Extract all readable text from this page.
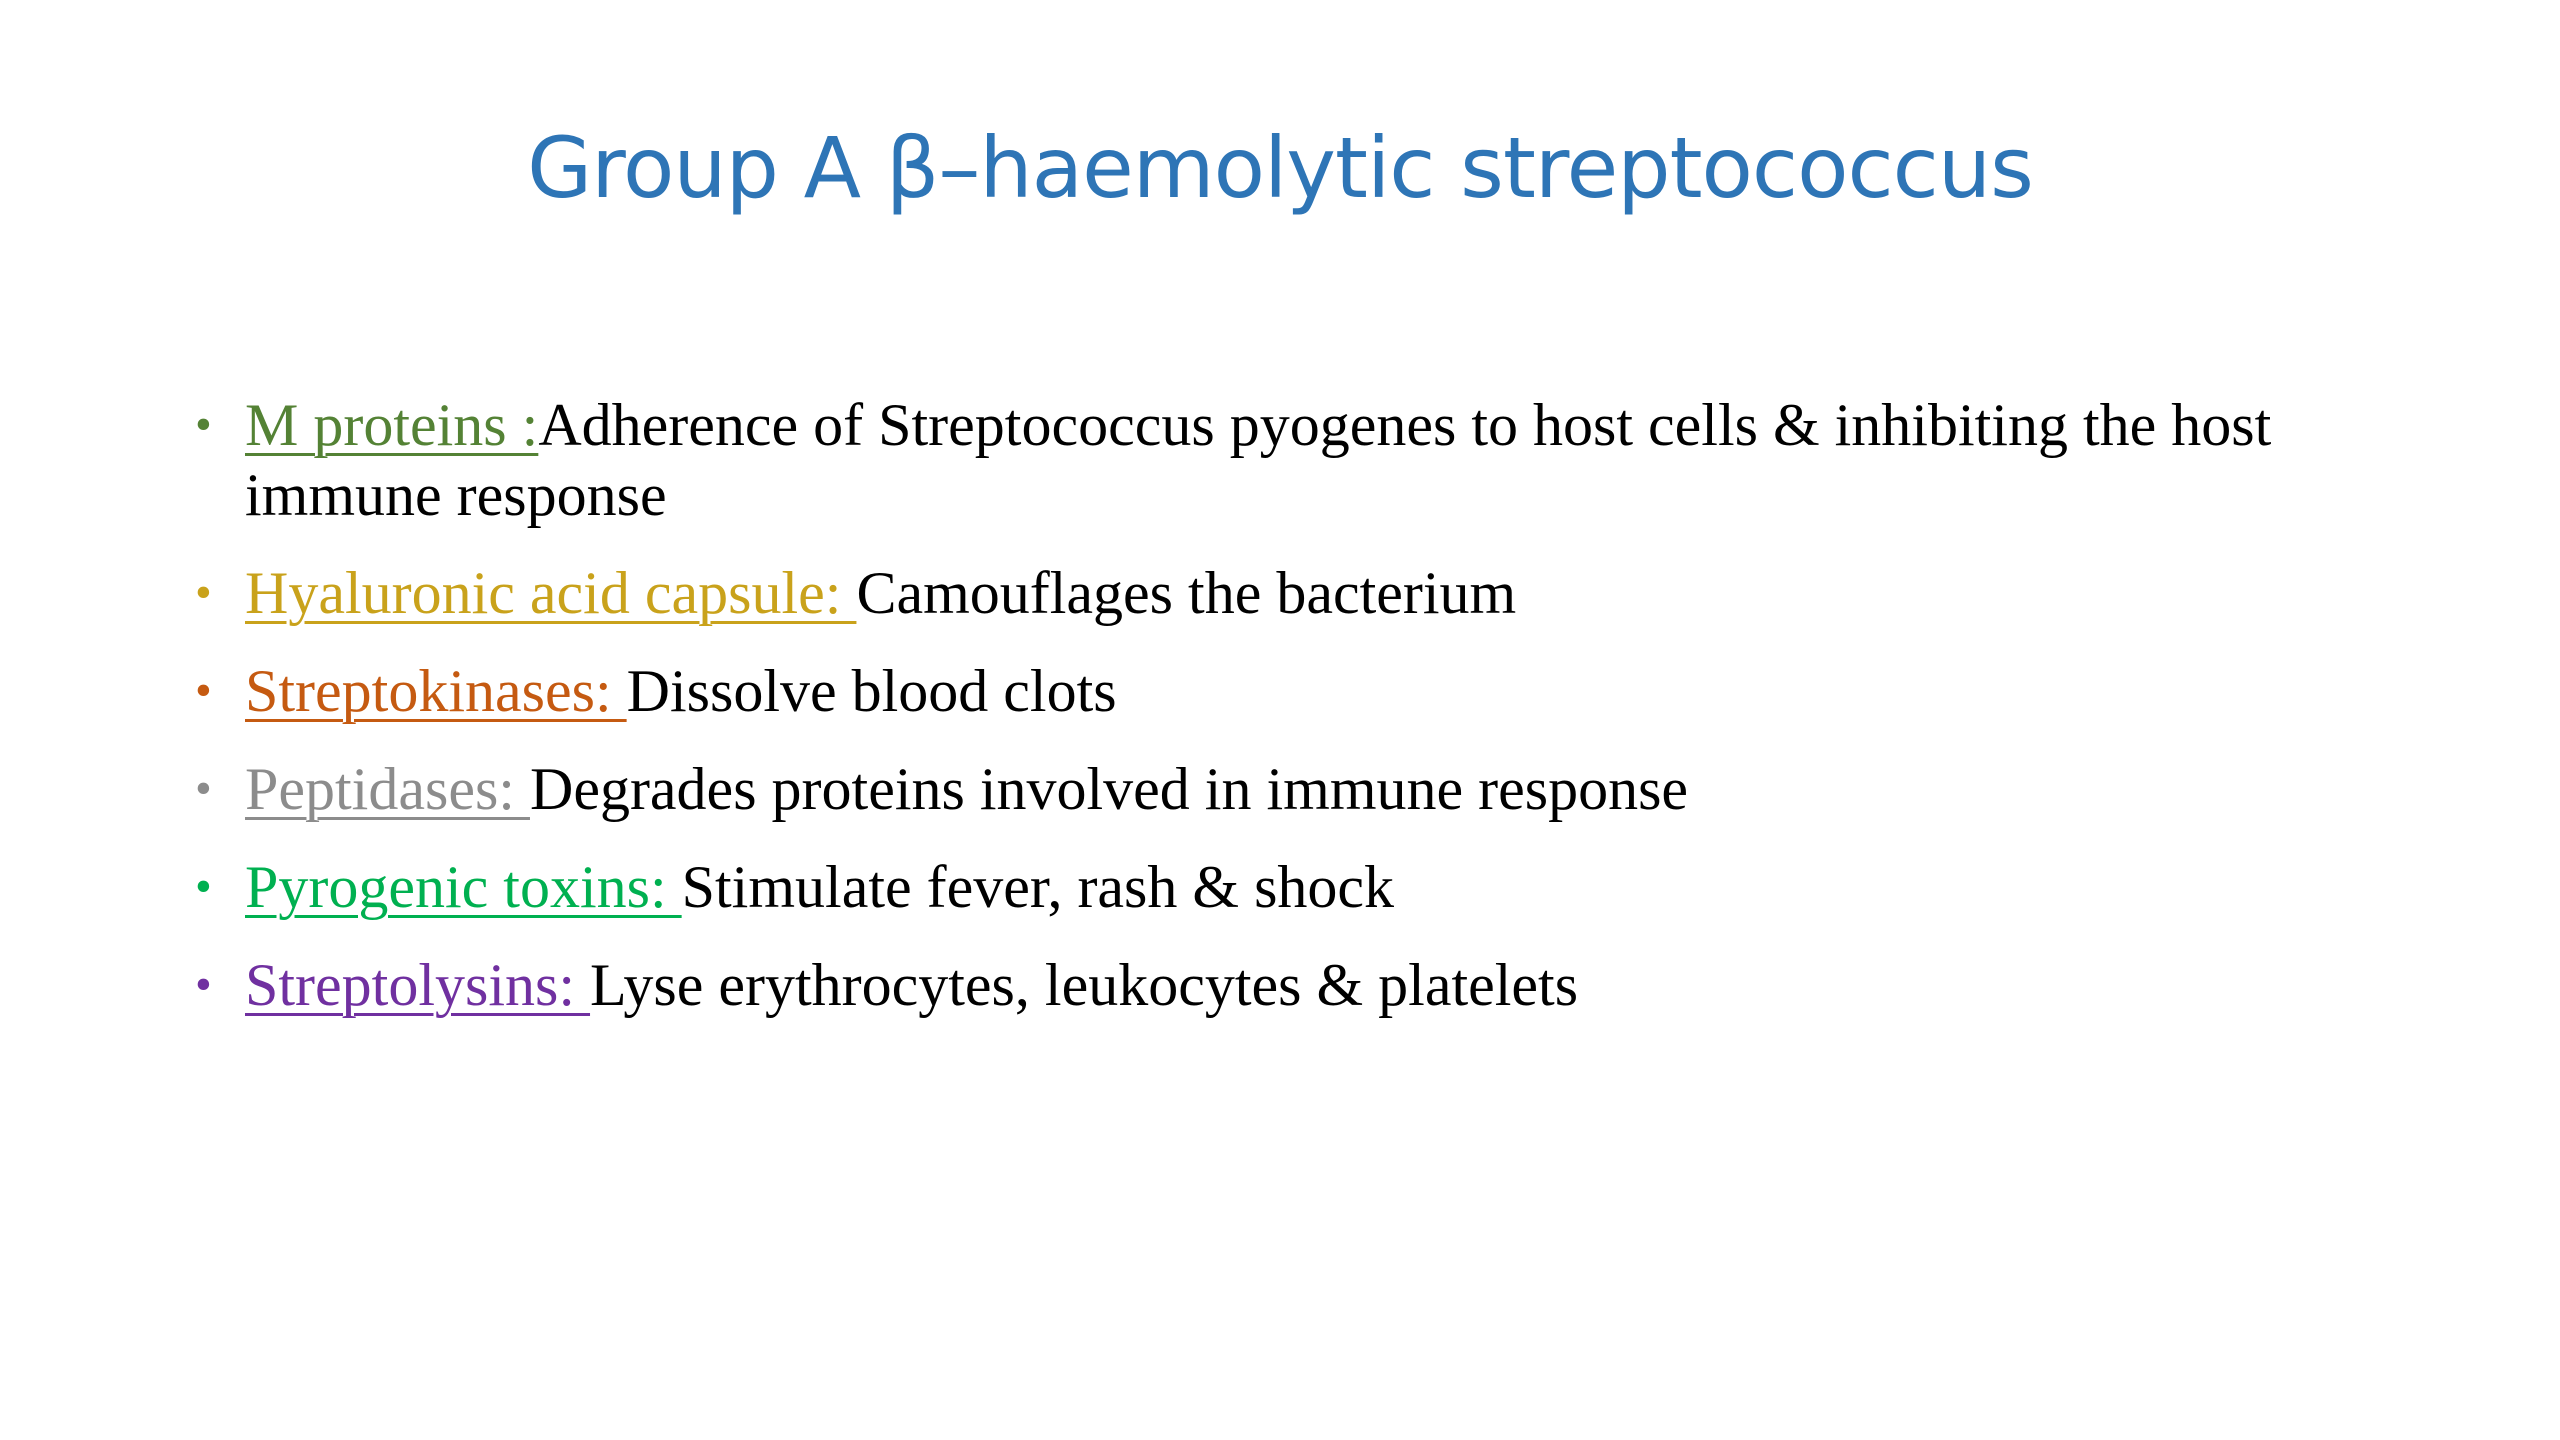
Group A β–haemolytic streptococcus
• M proteins :Adherence of Streptococcus pyogenes to host cells & inhibiting the host immune response
• Hyaluronic acid capsule: Camouflages the bacterium
• Streptokinases: Dissolve blood clots
• Peptidases: Degrades proteins involved in immune response
• Pyrogenic toxins: Stimulate fever, rash & shock
• Streptolysins: Lyse erythrocytes, leukocytes & platelets
